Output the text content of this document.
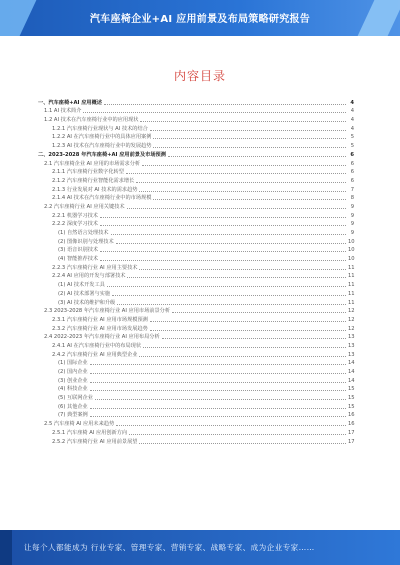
汽车座椅企业+AI 应用前景及布局策略研究报告
内容目录
一、汽车座椅+AI 应用概述	4
1.1 AI 技术简介	4
1.2 AI 技术在汽车座椅行业中的应用现状	4
1.2.1 汽车座椅行业现状与 AI 技术的结合	4
1.2.2 AI 在汽车座椅行业中的具体应用案例	5
1.2.3 AI 技术在汽车座椅行业中的发展趋势	5
二、2023-2028 年汽车座椅+AI 应用前景及市场预测	6
2.1 汽车座椅企业 AI 应用的市场需求分析	6
2.1.1 汽车座椅行业数字化转型	6
2.1.2 汽车座椅行业智能化需求增长	6
2.1.3 行业发展对 AI 技术的需求趋势	7
2.1.4 AI 技术在汽车座椅行业中的市场规模	8
2.2 汽车座椅行业 AI 应用关键技术	9
2.2.1 机器学习技术	9
2.2.2 深度学习技术	9
(1) 自然语言处理技术	9
(2) 图像识别与处理技术	10
(3) 语音识别技术	10
(4) 智能推荐技术	10
2.2.3 汽车座椅行业 AI 应用主要技术	11
2.2.4 AI 应用的开发与部署技术	11
(1) AI 技术开发工具	11
(2) AI 技术部署与实施	11
(3) AI 技术的维护和升级	11
2.3 2023-2028 年汽车座椅行业 AI 应用市场前景分析	12
2.3.1 汽车座椅行业 AI 应用市场规模预测	12
2.3.2 汽车座椅行业 AI 应用市场发展趋势	12
2.4 2022-2023 年汽车座椅行业 AI 应用布局分析	13
2.4.1 AI 在汽车座椅行业中的布局现状	13
2.4.2 汽车座椅行业 AI 应用典型企业	13
(1) 国际企业	14
(2) 国内企业	14
(3) 创业企业	14
(4) 科技企业	15
(5) 互联网企业	15
(6) 其他企业	15
(7) 典型案例	16
2.5 汽车座椅 AI 应用未来趋势	16
2.5.1 汽车座椅 AI 应用创新方向	17
2.5.2 汽车座椅行业 AI 应用前景展望	17
让每个人都能成为 行业专家、管理专家、营销专家、战略专家、成为企业专家……
